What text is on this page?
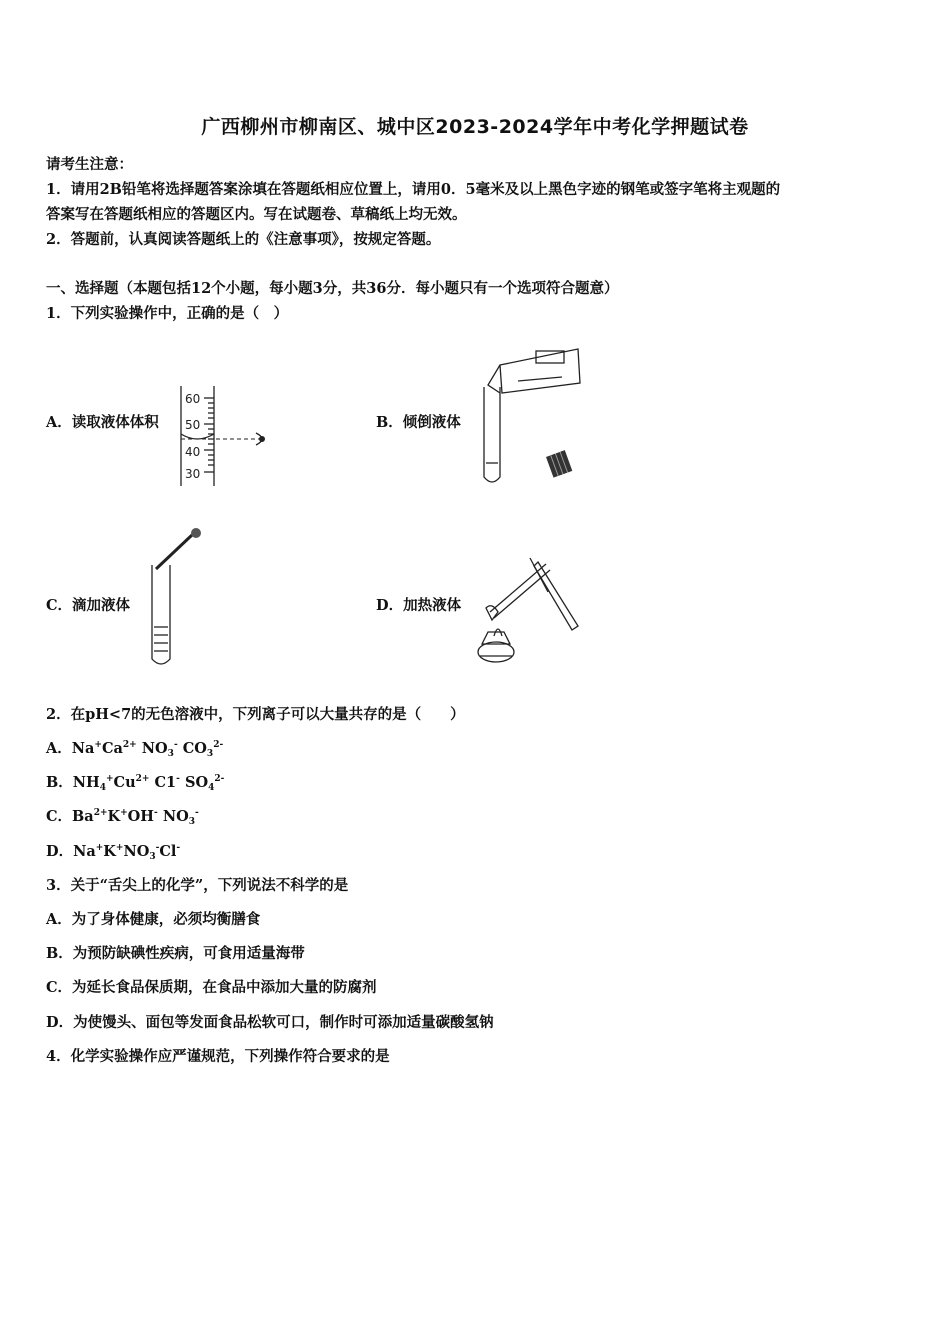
广西柳州市柳南区、城中区2023-2024学年中考化学押题试卷
请考生注意：
1．请用2B铅笔将选择题答案涂填在答题纸相应位置上，请用0．5毫米及以上黑色字迹的钢笔或签字笔将主观题的
答案写在答题纸相应的答题区内。写在试题卷、草稿纸上均无效。
2．答题前，认真阅读答题纸上的《注意事项》，按规定答题。
一、选择题（本题包括12个小题，每小题3分，共36分．每小题只有一个选项符合题意）
1．下列实验操作中，正确的是（　）
A．读取液体体积	B．倾倒液体
C．滴加液体	D．加热液体
60
50
40
30
2．在pH<7的无色溶液中，下列离子可以大量共存的是（　　）
A．$Na^+Ca^{2+}$ $NO_3^-$ $CO_3^{2-}$
B．$NH_4^+Cu^{2+}$ C1- $SO_4^{2-}$
C．$Ba^{2+}K^+OH^-$ $NO_3^-$
D．$Na^+K^+NO_3^-Cl^-$
3．关于“舌尖上的化学”，下列说法不科学的是
A．为了身体健康，必须均衡膳食
B．为预防缺碘性疾病，可食用适量海带
C．为延长食品保质期，在食品中添加大量的防腐剂
D．为使馒头、面包等发面食品松软可口，制作时可添加适量碳酸氢钠
4．化学实验操作应严谨规范，下列操作符合要求的是
